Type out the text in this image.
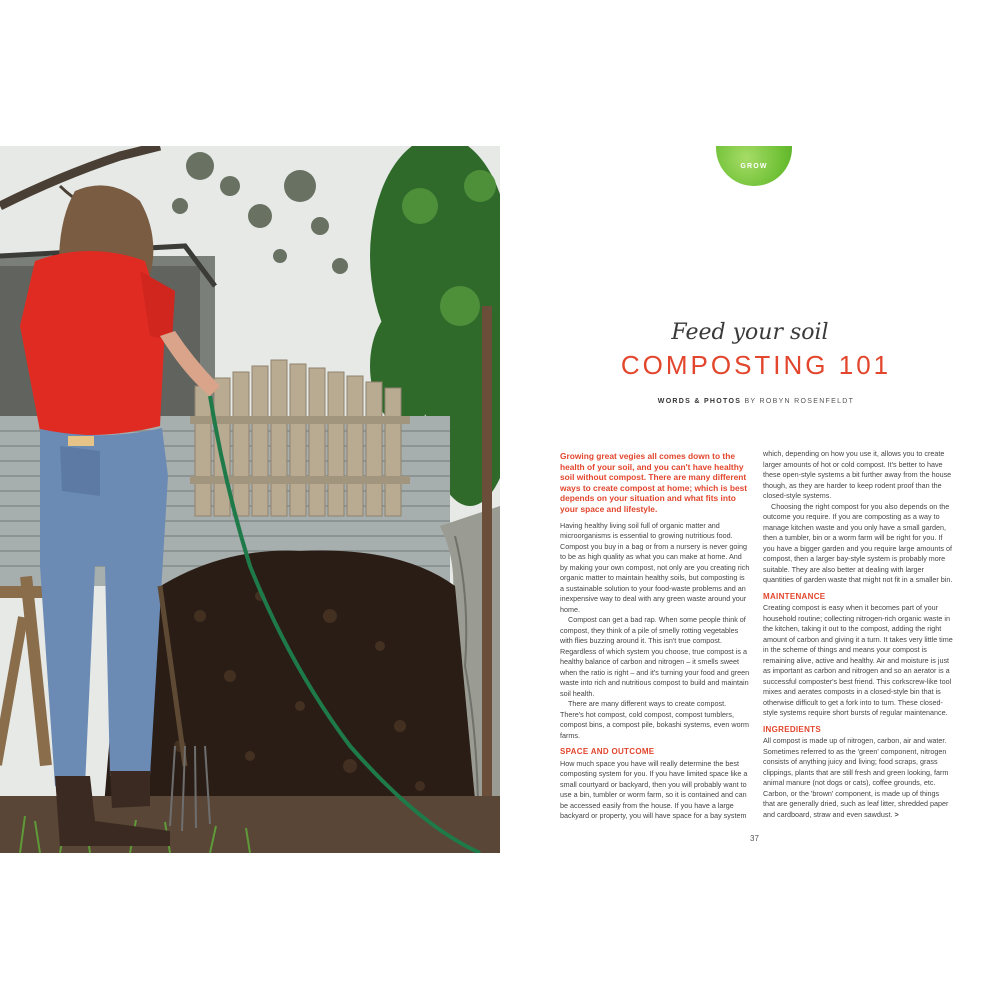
GROW
Feed your soil
COMPOSTING 101
WORDS & PHOTOS BY ROBYN ROSENFELDT

Growing great vegies all comes down to the health of your soil, and you can't have healthy soil without compost. There are many different ways to create compost at home; which is best depends on your situation and what fits into your space and lifestyle.

Having healthy living soil full of organic matter and microorganisms is essential to growing nutritious food. Compost you buy in a bag or from a nursery is never going to be as high quality as what you can make at home. And by making your own compost, not only are you creating rich organic matter to maintain healthy soils, but composting is a sustainable solution to your food-waste problems and an inexpensive way to deal with any green waste around your home.

Compost can get a bad rap. When some people think of compost, they think of a pile of smelly rotting vegetables with flies buzzing around it. This isn't true compost. Regardless of which system you choose, true compost is a healthy balance of carbon and nitrogen – it smells sweet when the ratio is right – and it's turning your food and green waste into rich and nutritious compost to build and maintain soil health.

There are many different ways to create compost. There's hot compost, cold compost, compost tumblers, compost bins, a compost pile, bokashi systems, even worm farms.

SPACE AND OUTCOME

How much space you have will really determine the best composting system for you. If you have limited space like a small courtyard or backyard, then you will probably want to use a bin, tumbler or worm farm, so it is contained and can be accessed easily from the house. If you have a large backyard or property, you will have space for a bay system

which, depending on how you use it, allows you to create larger amounts of hot or cold compost. It's better to have these open-style systems a bit further away from the house though, as they are harder to keep rodent proof than the closed-style systems.

Choosing the right compost for you also depends on the outcome you require. If you are composting as a way to manage kitchen waste and you only have a small garden, then a tumbler, bin or a worm farm will be right for you. If you have a bigger garden and you require large amounts of compost, then a larger bay-style system is probably more suitable. They are also better at dealing with larger quantities of garden waste that might not fit in a smaller bin.

MAINTENANCE

Creating compost is easy when it becomes part of your household routine; collecting nitrogen-rich organic waste in the kitchen, taking it out to the compost, adding the right amount of carbon and giving it a turn. It takes very little time in the scheme of things and means your compost is remaining alive, active and healthy. Air and moisture is just as important as carbon and nitrogen and so an aerator is a successful composter's best friend. This corkscrew-like tool mixes and aerates composts in a closed-style bin that is otherwise difficult to get a fork into to turn. These closed-style systems require short bursts of regular maintenance.

INGREDIENTS

All compost is made up of nitrogen, carbon, air and water. Sometimes referred to as the 'green' component, nitrogen consists of anything juicy and living; food scraps, grass clippings, plants that are still fresh and green looking, farm animal manure (not dogs or cats), coffee grounds, etc. Carbon, or the 'brown' component, is made up of things that are generally dried, such as leaf litter, shredded paper and cardboard, straw and even sawdust. >

37
